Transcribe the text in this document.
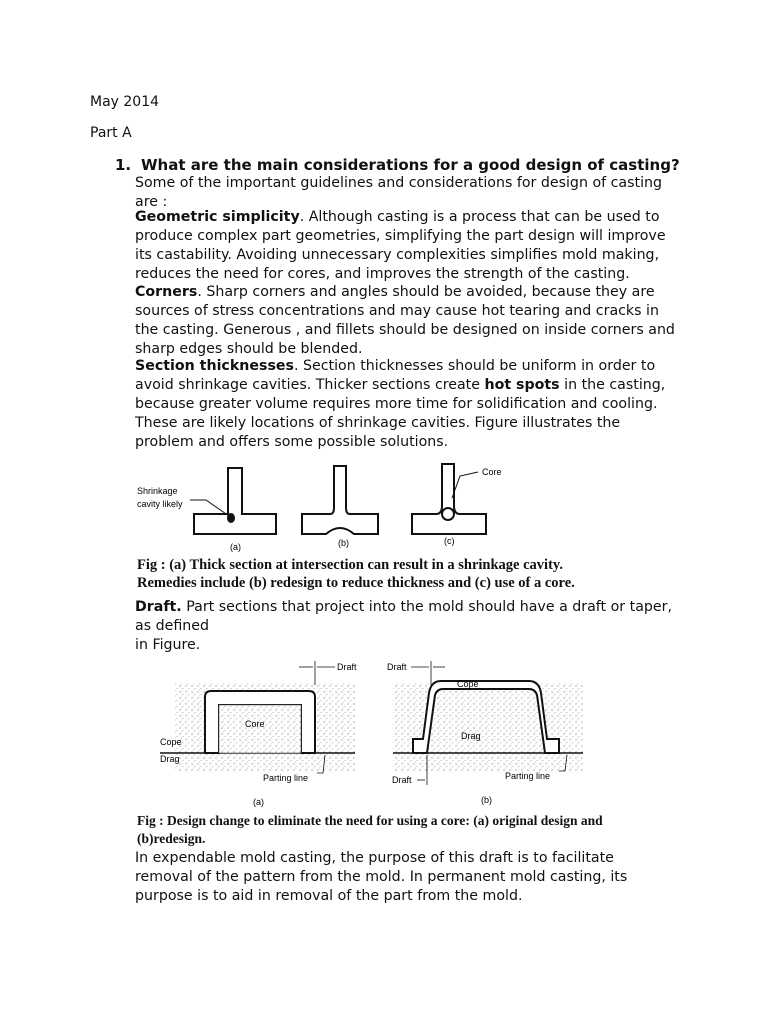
May 2014
Part A
1. What are the main considerations for a good design of casting?
Some of the important guidelines and considerations for design of casting are :
Geometric simplicity. Although casting is a process that can be used to produce complex part geometries, simplifying the part design will improve its castability. Avoiding unnecessary complexities simplifies mold making, reduces the need for cores, and improves the strength of the casting.
Corners. Sharp corners and angles should be avoided, because they are sources of stress concentrations and may cause hot tearing and cracks in the casting. Generous , and fillets should be designed on inside corners and sharp edges should be blended.
Section thicknesses. Section thicknesses should be uniform in order to avoid shrinkage cavities. Thicker sections create hot spots in the casting, because greater volume requires more time for solidification and cooling. These are likely locations of shrinkage cavities. Figure illustrates the problem and offers some possible solutions.
Shrinkage
cavity likely
Core
(a)	(b)	(c)
Fig : (a) Thick section at intersection can result in a shrinkage cavity.
Remedies include (b) redesign to reduce thickness and (c) use of a core.
Draft. Part sections that project into the mold should have a draft or taper,
as defined
in Figure.
Draft
Core
Cope
Drag
Parting line
(a)
Draft
Cope
Drag
Draft	Parting line
(b)
Fig : Design change to eliminate the need for using a core: (a) original design and
(b)redesign.
In expendable mold casting, the purpose of this draft is to facilitate removal of the pattern from the mold. In permanent mold casting, its purpose is to aid in removal of the part from the mold.
